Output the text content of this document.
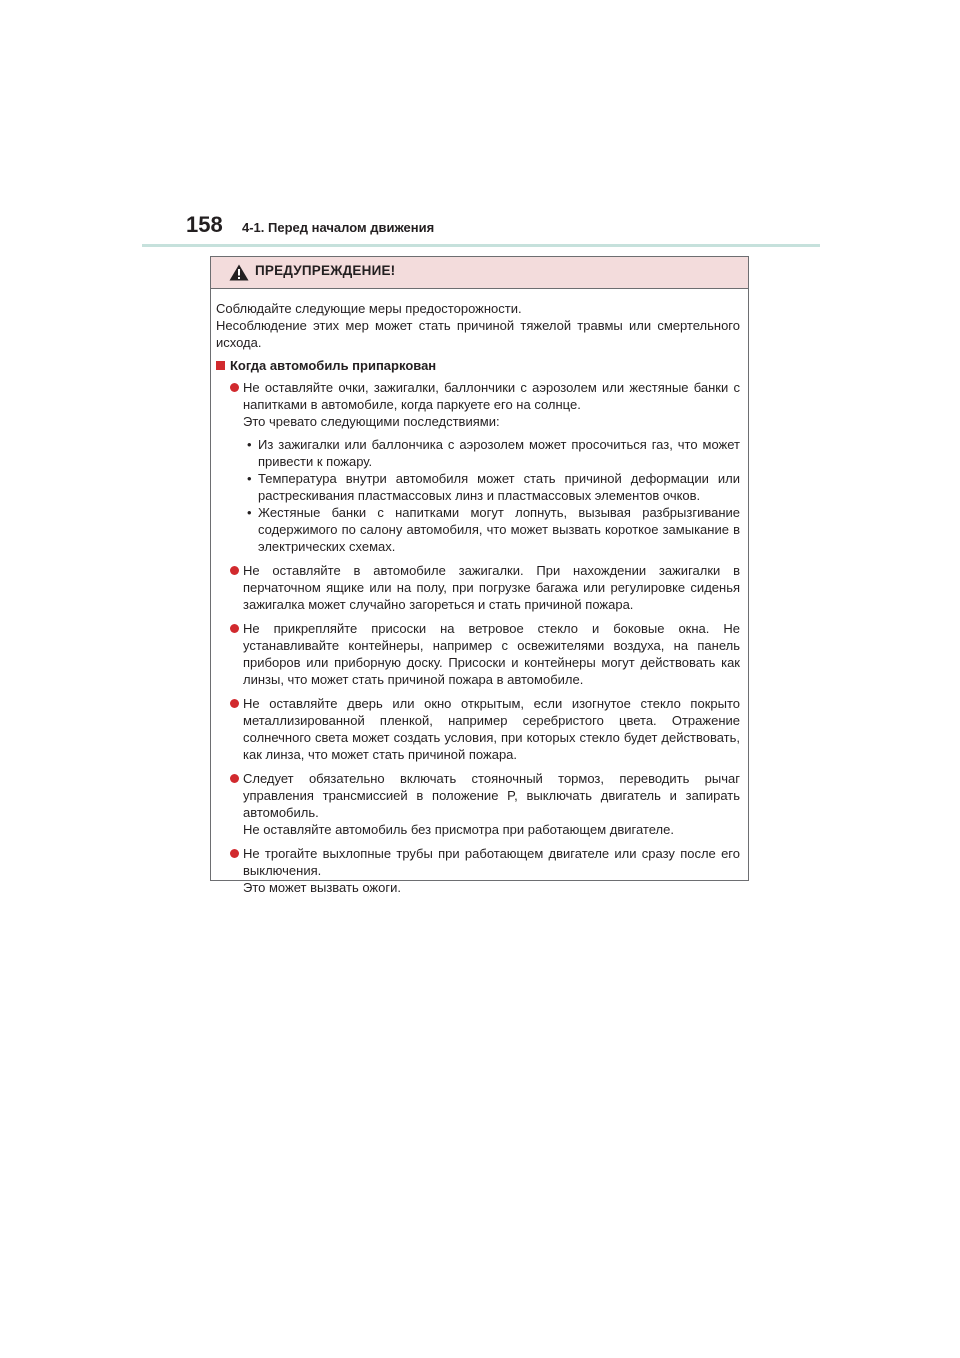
158 4-1. Перед началом движения
ПРЕДУПРЕЖДЕНИЕ!

Соблюдайте следующие меры предосторожности.
Несоблюдение этих мер может стать причиной тяжелой травмы или смертельного исхода.

Когда автомобиль припаркован

Не оставляйте очки, зажигалки, баллончики с аэрозолем или жестяные банки с напитками в автомобиле, когда паркуете его на солнце.

Это чревато следующими последствиями:

• Из зажигалки или баллончика с аэрозолем может просочиться газ, что может привести к пожару.

• Температура внутри автомобиля может стать причиной деформации или растрескивания пластмассовых линз и пластмассовых элементов очков.

• Жестяные банки с напитками могут лопнуть, вызывая разбрызгивание содержимого по салону автомобиля, что может вызвать короткое замыкание в электрических схемах.

Не оставляйте в автомобиле зажигалки. При нахождении зажигалки в перчаточном ящике или на полу, при погрузке багажа или регулировке сиденья зажигалка может случайно загореться и стать причиной пожара.

Не прикрепляйте присоски на ветровое стекло и боковые окна. Не устанавливайте контейнеры, например с освежителями воздуха, на панель приборов или приборную доску. Присоски и контейнеры могут действовать как линзы, что может стать причиной пожара в автомобиле.

Не оставляйте дверь или окно открытым, если изогнутое стекло покрыто металлизированной пленкой, например серебристого цвета. Отражение солнечного света может создать условия, при которых стекло будет действовать, как линза, что может стать причиной пожара.

Следует обязательно включать стояночный тормоз, переводить рычаг управления трансмиссией в положение P, выключать двигатель и запирать автомобиль.

Не оставляйте автомобиль без присмотра при работающем двигателе.

Не трогайте выхлопные трубы при работающем двигателе или сразу после его выключения.

Это может вызвать ожоги.
